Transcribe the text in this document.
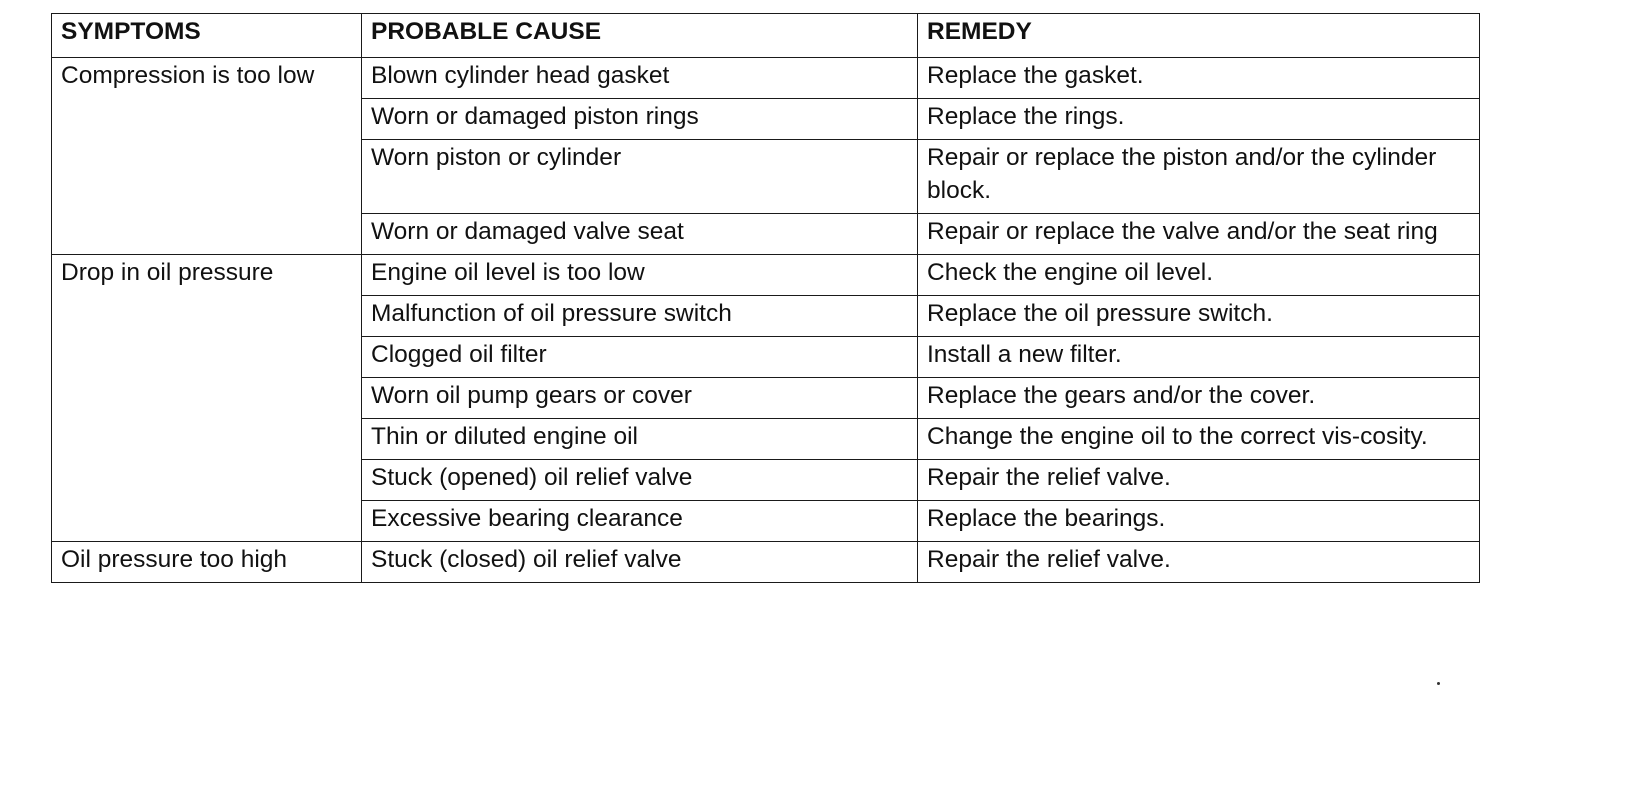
SYMPTOMS	PROBABLE CAUSE	REMEDY
Compression is too low	Blown cylinder head gasket	Replace the gasket.
	Worn or damaged piston rings	Replace the rings.
	Worn piston or cylinder	Repair or replace the piston and/or the cylinder block.
	Worn or damaged valve seat	Repair or replace the valve and/or the seat ring
Drop in oil pressure	Engine oil level is too low	Check the engine oil level.
	Malfunction of oil pressure switch	Replace the oil pressure switch.
	Clogged oil filter	Install a new filter.
	Worn oil pump gears or cover	Replace the gears and/or the cover.
	Thin or diluted engine oil	Change the engine oil to the correct vis-cosity.
	Stuck (opened) oil relief valve	Repair the relief valve.
	Excessive bearing clearance	Replace the bearings.
Oil pressure too high	Stuck (closed) oil relief valve	Repair the relief valve.
